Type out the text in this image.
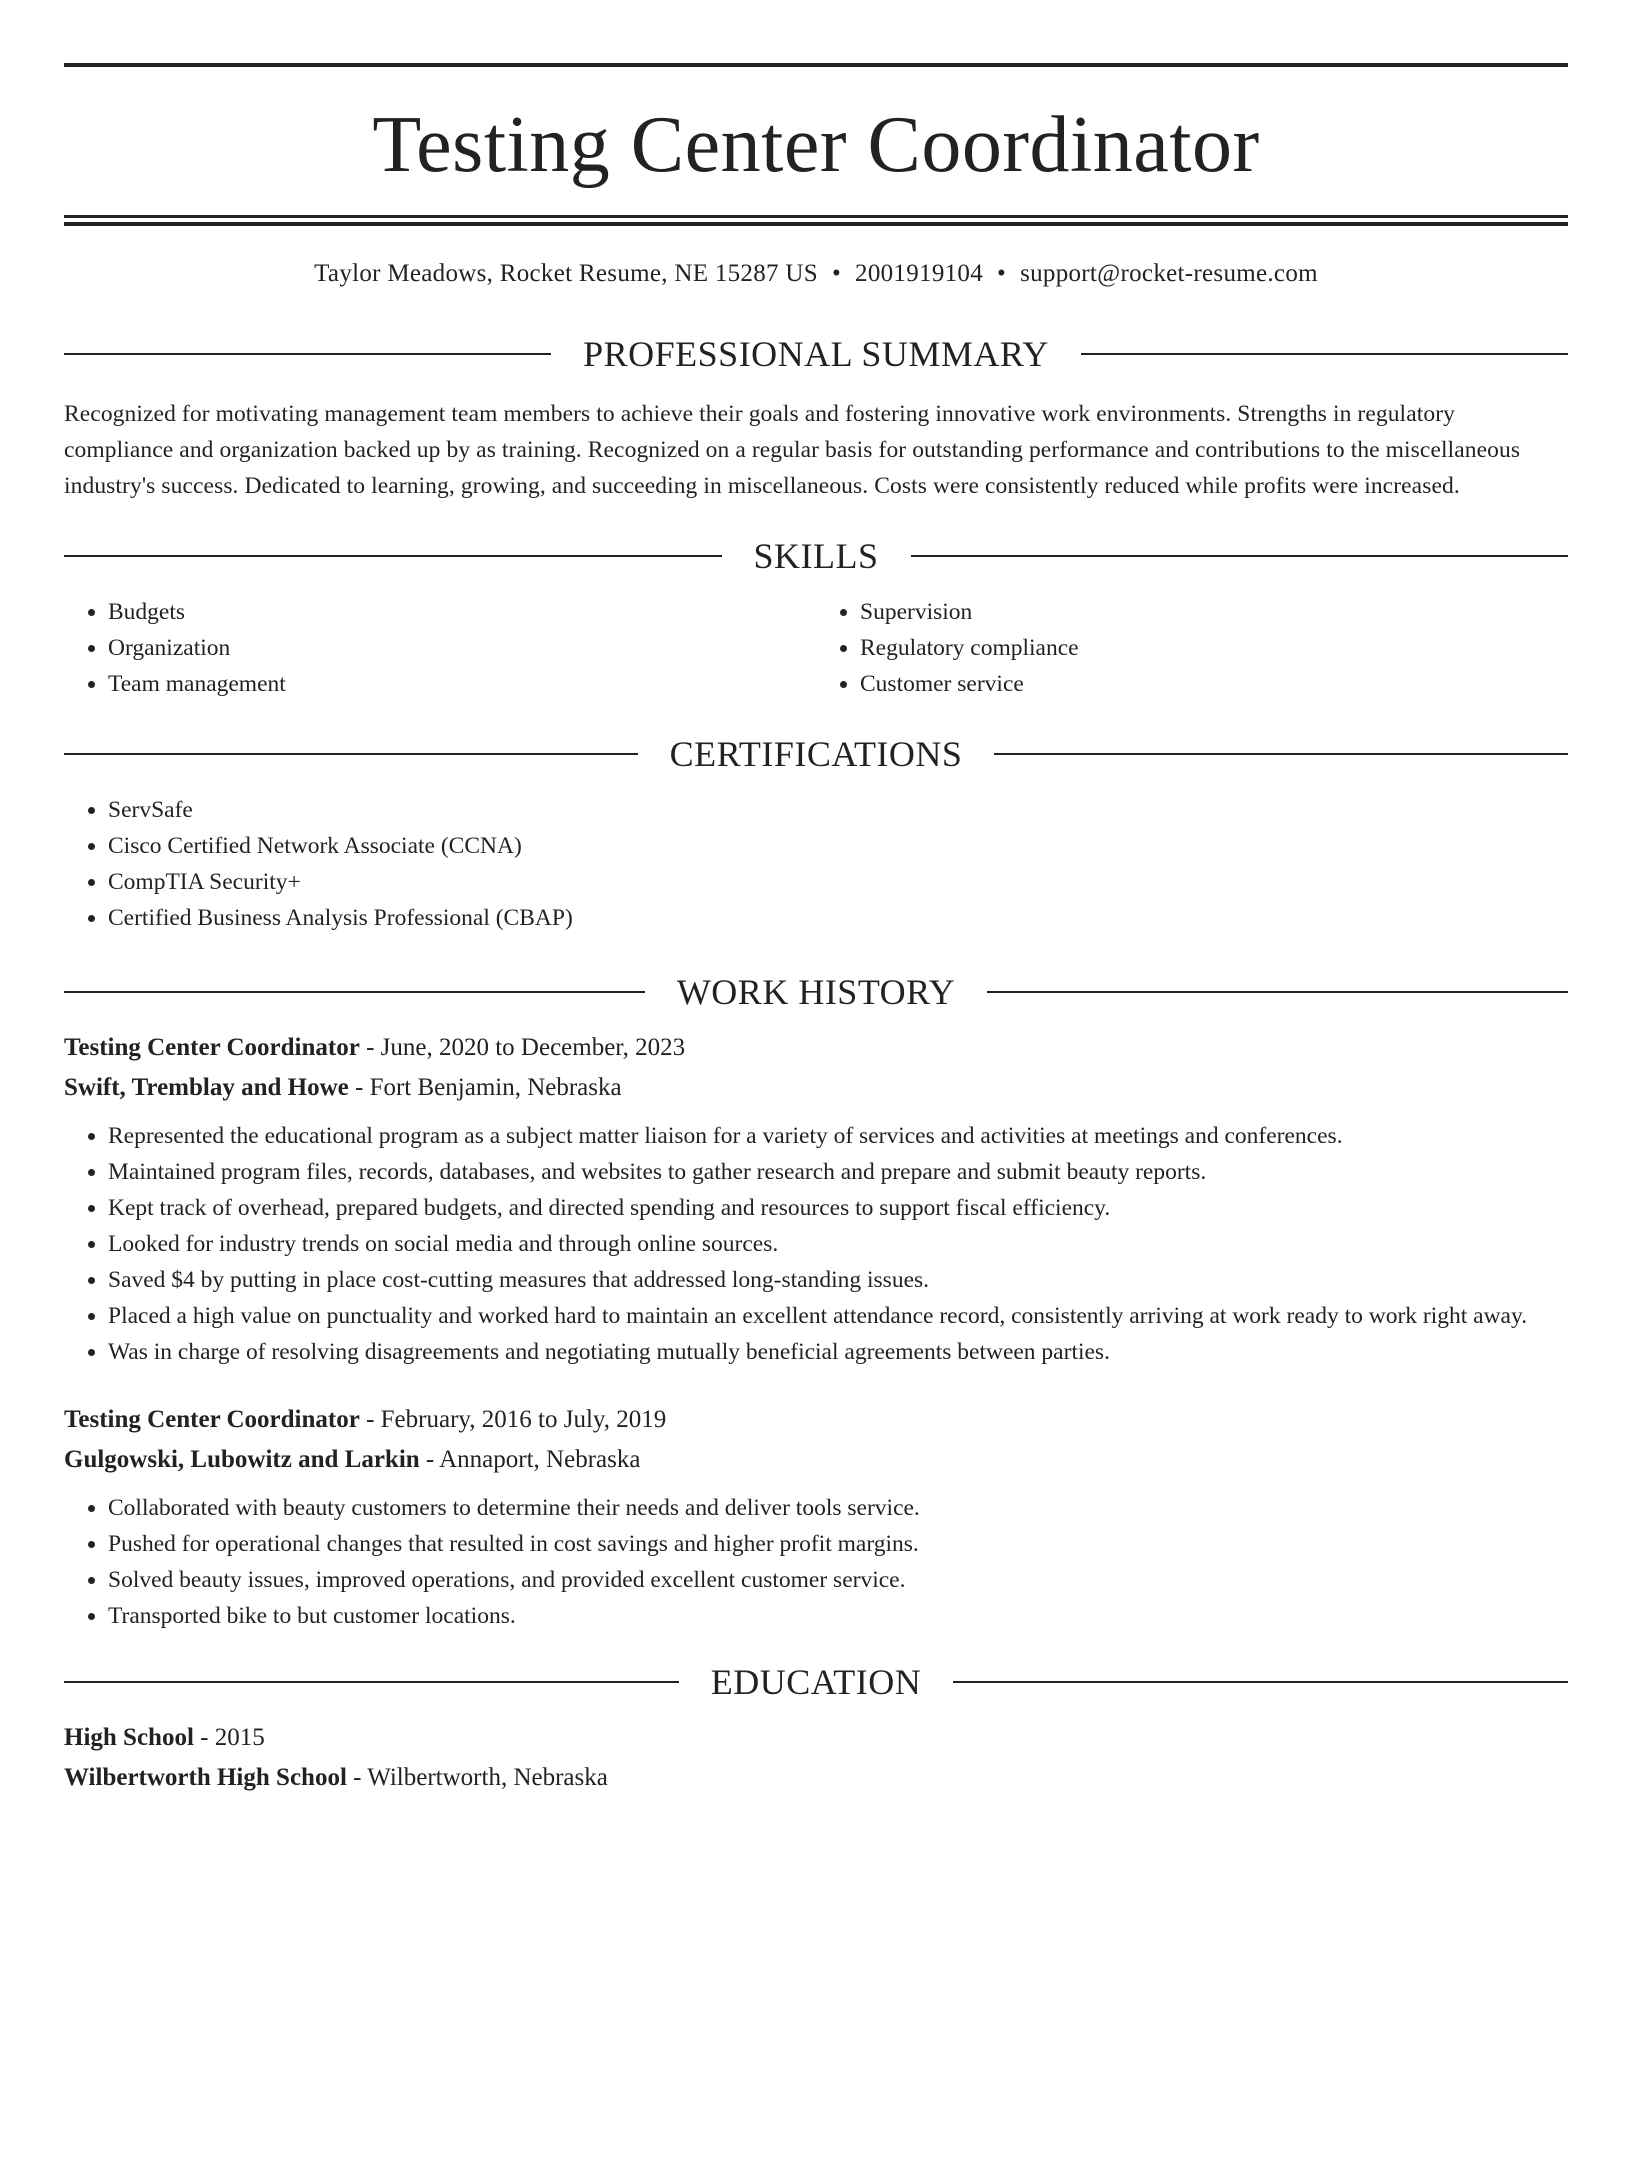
Testing Center Coordinator
Taylor Meadows, Rocket Resume, NE 15287 US • 2001919104 • support@rocket-resume.com
PROFESSIONAL SUMMARY
Recognized for motivating management team members to achieve their goals and fostering innovative work environments. Strengths in regulatory compliance and organization backed up by as training. Recognized on a regular basis for outstanding performance and contributions to the miscellaneous industry's success. Dedicated to learning, growing, and succeeding in miscellaneous. Costs were consistently reduced while profits were increased.
SKILLS
• Budgets
• Organization
• Team management
• Supervision
• Regulatory compliance
• Customer service
CERTIFICATIONS
• ServSafe
• Cisco Certified Network Associate (CCNA)
• CompTIA Security+
• Certified Business Analysis Professional (CBAP)
WORK HISTORY
Testing Center Coordinator - June, 2020 to December, 2023
Swift, Tremblay and Howe - Fort Benjamin, Nebraska
• Represented the educational program as a subject matter liaison for a variety of services and activities at meetings and conferences.
• Maintained program files, records, databases, and websites to gather research and prepare and submit beauty reports.
• Kept track of overhead, prepared budgets, and directed spending and resources to support fiscal efficiency.
• Looked for industry trends on social media and through online sources.
• Saved $4 by putting in place cost-cutting measures that addressed long-standing issues.
• Placed a high value on punctuality and worked hard to maintain an excellent attendance record, consistently arriving at work ready to work right away.
• Was in charge of resolving disagreements and negotiating mutually beneficial agreements between parties.
Testing Center Coordinator - February, 2016 to July, 2019
Gulgowski, Lubowitz and Larkin - Annaport, Nebraska
• Collaborated with beauty customers to determine their needs and deliver tools service.
• Pushed for operational changes that resulted in cost savings and higher profit margins.
• Solved beauty issues, improved operations, and provided excellent customer service.
• Transported bike to but customer locations.
EDUCATION
High School - 2015
Wilbertworth High School - Wilbertworth, Nebraska
